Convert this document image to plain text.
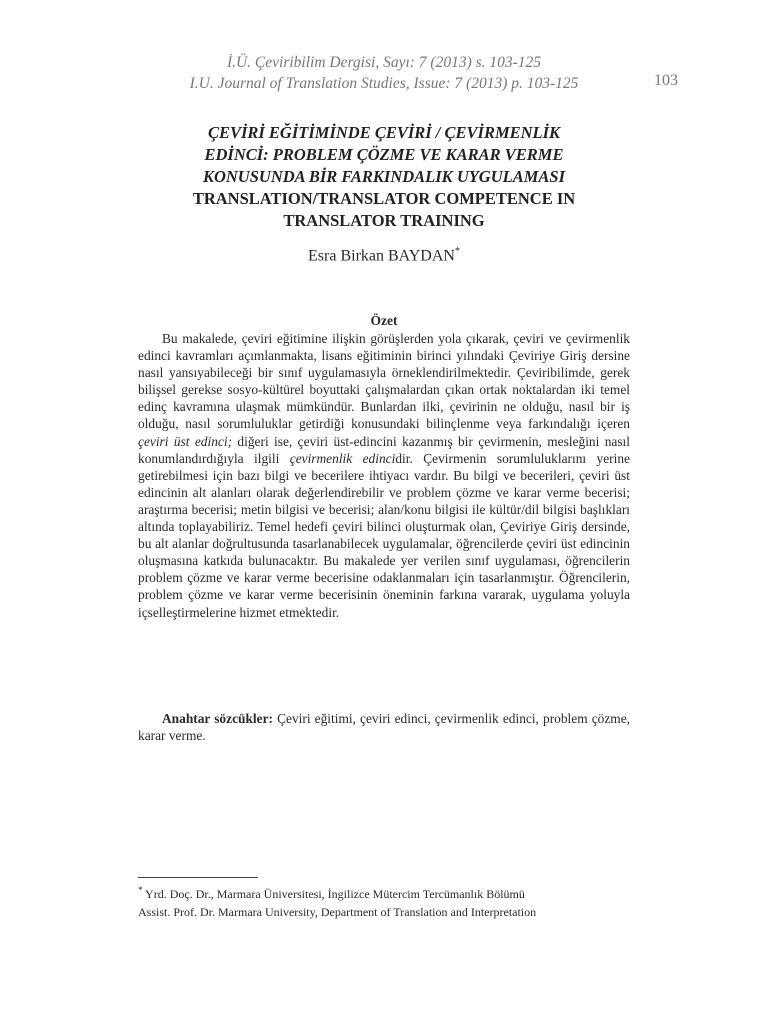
İ.Ü. Çeviribilim Dergisi, Sayı: 7 (2013) s. 103-125
I.U. Journal of Translation Studies, Issue: 7 (2013) p. 103-125	103
ÇEVİRİ EĞİTİMİNDE ÇEVİRİ / ÇEVİRMENLİK
EDİNCİ: PROBLEM ÇÖZME VE KARAR VERME
KONUSUNDA BİR FARKINDALIK UYGULAMASI
TRANSLATION/TRANSLATOR COMPETENCE IN
TRANSLATOR TRAINING
Esra Birkan BAYDAN*
Özet

Bu makalede, çeviri eğitimine ilişkin görüşlerden yola çıkarak, çeviri ve çevirmenlik edinci kavramları açımlanmakta, lisans eğitiminin birinci yılındaki Çeviriye Giriş dersine nasıl yansıyabileceği bir sınıf uygulamasıyla örneklendirilmektedir. Çeviribilimde, gerek bilişsel gerekse sosyo-kültürel boyuttaki çalışmalardan çıkan ortak noktalardan iki temel edinç kavramına ulaşmak mümkündür. Bunlardan ilki, çevirinin ne olduğu, nasıl bir iş olduğu, nasıl sorumluluklar getirdiği konusundaki bilinçlenme veya farkındalığı içeren çeviri üst edinci; diğeri ise, çeviri üst-edincini kazanmış bir çevirmenin, mesleğini nasıl konumlandırdığıyla ilgili çevirmenlik edincidir. Çevirmenin sorumluluklarını yerine getirebilmesi için bazı bilgi ve becerilere ihtiyacı vardır. Bu bilgi ve becerileri, çeviri üst edincinin alt alanları olarak değerlendirebilir ve problem çözme ve karar verme becerisi; araştırma becerisi; metin bilgisi ve becerisi; alan/konu bilgisi ile kültür/dil bilgisi başlıkları altında toplayabiliriz. Temel hedefi çeviri bilinci oluşturmak olan, Çeviriye Giriş dersinde, bu alt alanlar doğrultusunda tasarlanabilecek uygulamalar, öğrencilerde çeviri üst edincinin oluşmasına katkıda bulunacaktır. Bu makalede yer verilen sınıf uygulaması, öğrencilerin problem çözme ve karar verme becerisine odaklanmaları için tasarlanmıştır. Öğrencilerin, problem çözme ve karar verme becerisinin öneminin farkına vararak, uygulama yoluyla içselleştirmelerine hizmet etmektedir.

Anahtar sözcükler: Çeviri eğitimi, çeviri edinci, çevirmenlik edinci, problem çözme, karar verme.

* Yrd. Doç. Dr., Marmara Üniversitesi, İngilizce Mütercim Tercümanlık Bölümü
Assist. Prof. Dr. Marmara University, Department of Translation and Interpretation
